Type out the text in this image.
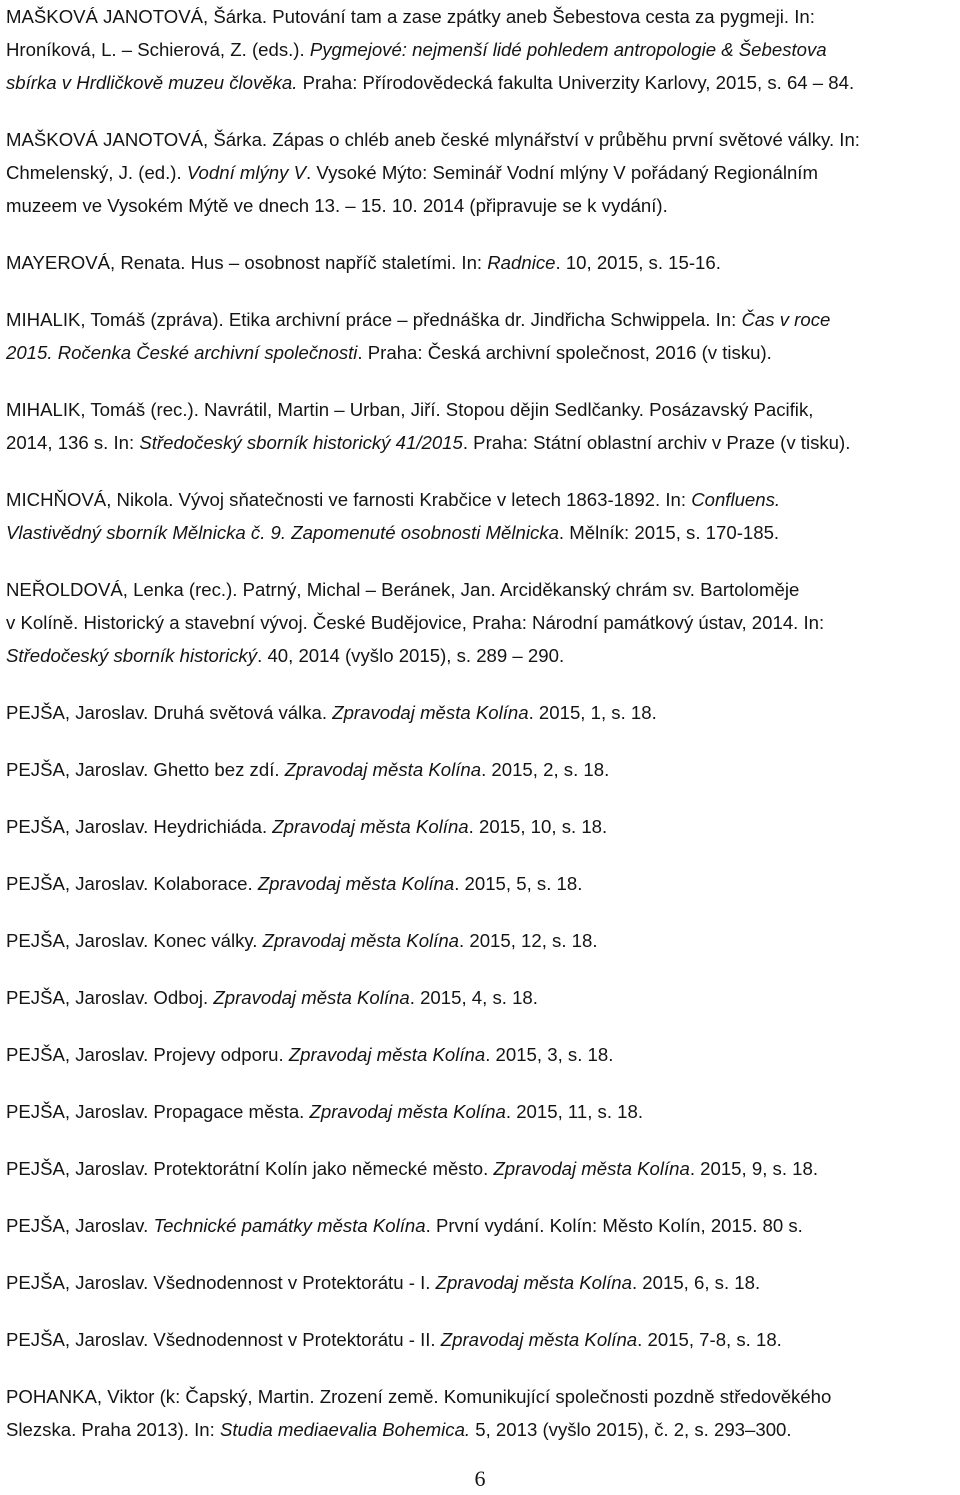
MAŠKOVÁ JANOTOVÁ, Šárka. Putování tam a zase zpátky aneb Šebestova cesta za pygmeji. In:
Hroníková, L. – Schierová, Z. (eds.). Pygmejové: nejmenší lidé pohledem antropologie & Šebestova
sbírka v Hrdličkově muzeu člověka. Praha: Přírodovědecká fakulta Univerzity Karlovy, 2015, s. 64 – 84.
MAŠKOVÁ JANOTOVÁ, Šárka. Zápas o chléb aneb české mlynářství v průběhu první světové války. In:
Chmelenský, J. (ed.). Vodní mlýny V. Vysoké Mýto: Seminář Vodní mlýny V pořádaný Regionálním
muzeem ve Vysokém Mýtě ve dnech 13. – 15. 10. 2014 (připravuje se k vydání).
MAYEROVÁ, Renata. Hus – osobnost napříč staletími. In: Radnice. 10, 2015, s. 15-16.
MIHALIK, Tomáš (zpráva). Etika archivní práce – přednáška dr. Jindřicha Schwippela. In: Čas v roce
2015. Ročenka České archivní společnosti. Praha: Česká archivní společnost, 2016 (v tisku).
MIHALIK, Tomáš (rec.). Navrátil, Martin – Urban, Jiří. Stopou dějin Sedlčanky. Posázavský Pacifik,
2014, 136 s. In: Středočeský sborník historický 41/2015. Praha: Státní oblastní archiv v Praze (v tisku).
MICHŇOVÁ, Nikola. Vývoj sňatečnosti ve farnosti Krabčice v letech 1863-1892. In: Confluens.
Vlastivědný sborník Mělnicka č. 9. Zapomenuté osobnosti Mělnicka. Mělník: 2015, s. 170-185.
NEŘOLDOVÁ, Lenka (rec.). Patrný, Michal – Beránek, Jan. Arciděkanský chrám sv. Bartoloměje
v Kolíně. Historický a stavební vývoj. České Budějovice, Praha: Národní památkový ústav, 2014. In:
Středočeský sborník historický. 40, 2014 (vyšlo 2015), s. 289 – 290.
PEJŠA, Jaroslav. Druhá světová válka. Zpravodaj města Kolína. 2015, 1, s. 18.
PEJŠA, Jaroslav. Ghetto bez zdí. Zpravodaj města Kolína. 2015, 2, s. 18.
PEJŠA, Jaroslav. Heydrichiáda. Zpravodaj města Kolína. 2015, 10, s. 18.
PEJŠA, Jaroslav. Kolaborace. Zpravodaj města Kolína. 2015, 5, s. 18.
PEJŠA, Jaroslav. Konec války. Zpravodaj města Kolína. 2015, 12, s. 18.
PEJŠA, Jaroslav. Odboj. Zpravodaj města Kolína. 2015, 4, s. 18.
PEJŠA, Jaroslav. Projevy odporu. Zpravodaj města Kolína. 2015, 3, s. 18.
PEJŠA, Jaroslav. Propagace města. Zpravodaj města Kolína. 2015, 11, s. 18.
PEJŠA, Jaroslav. Protektorátní Kolín jako německé město. Zpravodaj města Kolína. 2015, 9, s. 18.
PEJŠA, Jaroslav. Technické památky města Kolína. První vydání. Kolín: Město Kolín, 2015. 80 s.
PEJŠA, Jaroslav. Všednodennost v Protektorátu - I. Zpravodaj města Kolína. 2015, 6, s. 18.
PEJŠA, Jaroslav. Všednodennost v Protektorátu - II. Zpravodaj města Kolína. 2015, 7-8, s. 18.
POHANKA, Viktor (k: Čapský, Martin. Zrození země. Komunikující společnosti pozdně středověkého
Slezska. Praha 2013). In: Studia mediaevalia Bohemica. 5, 2013 (vyšlo 2015), č. 2, s. 293–300.
6
